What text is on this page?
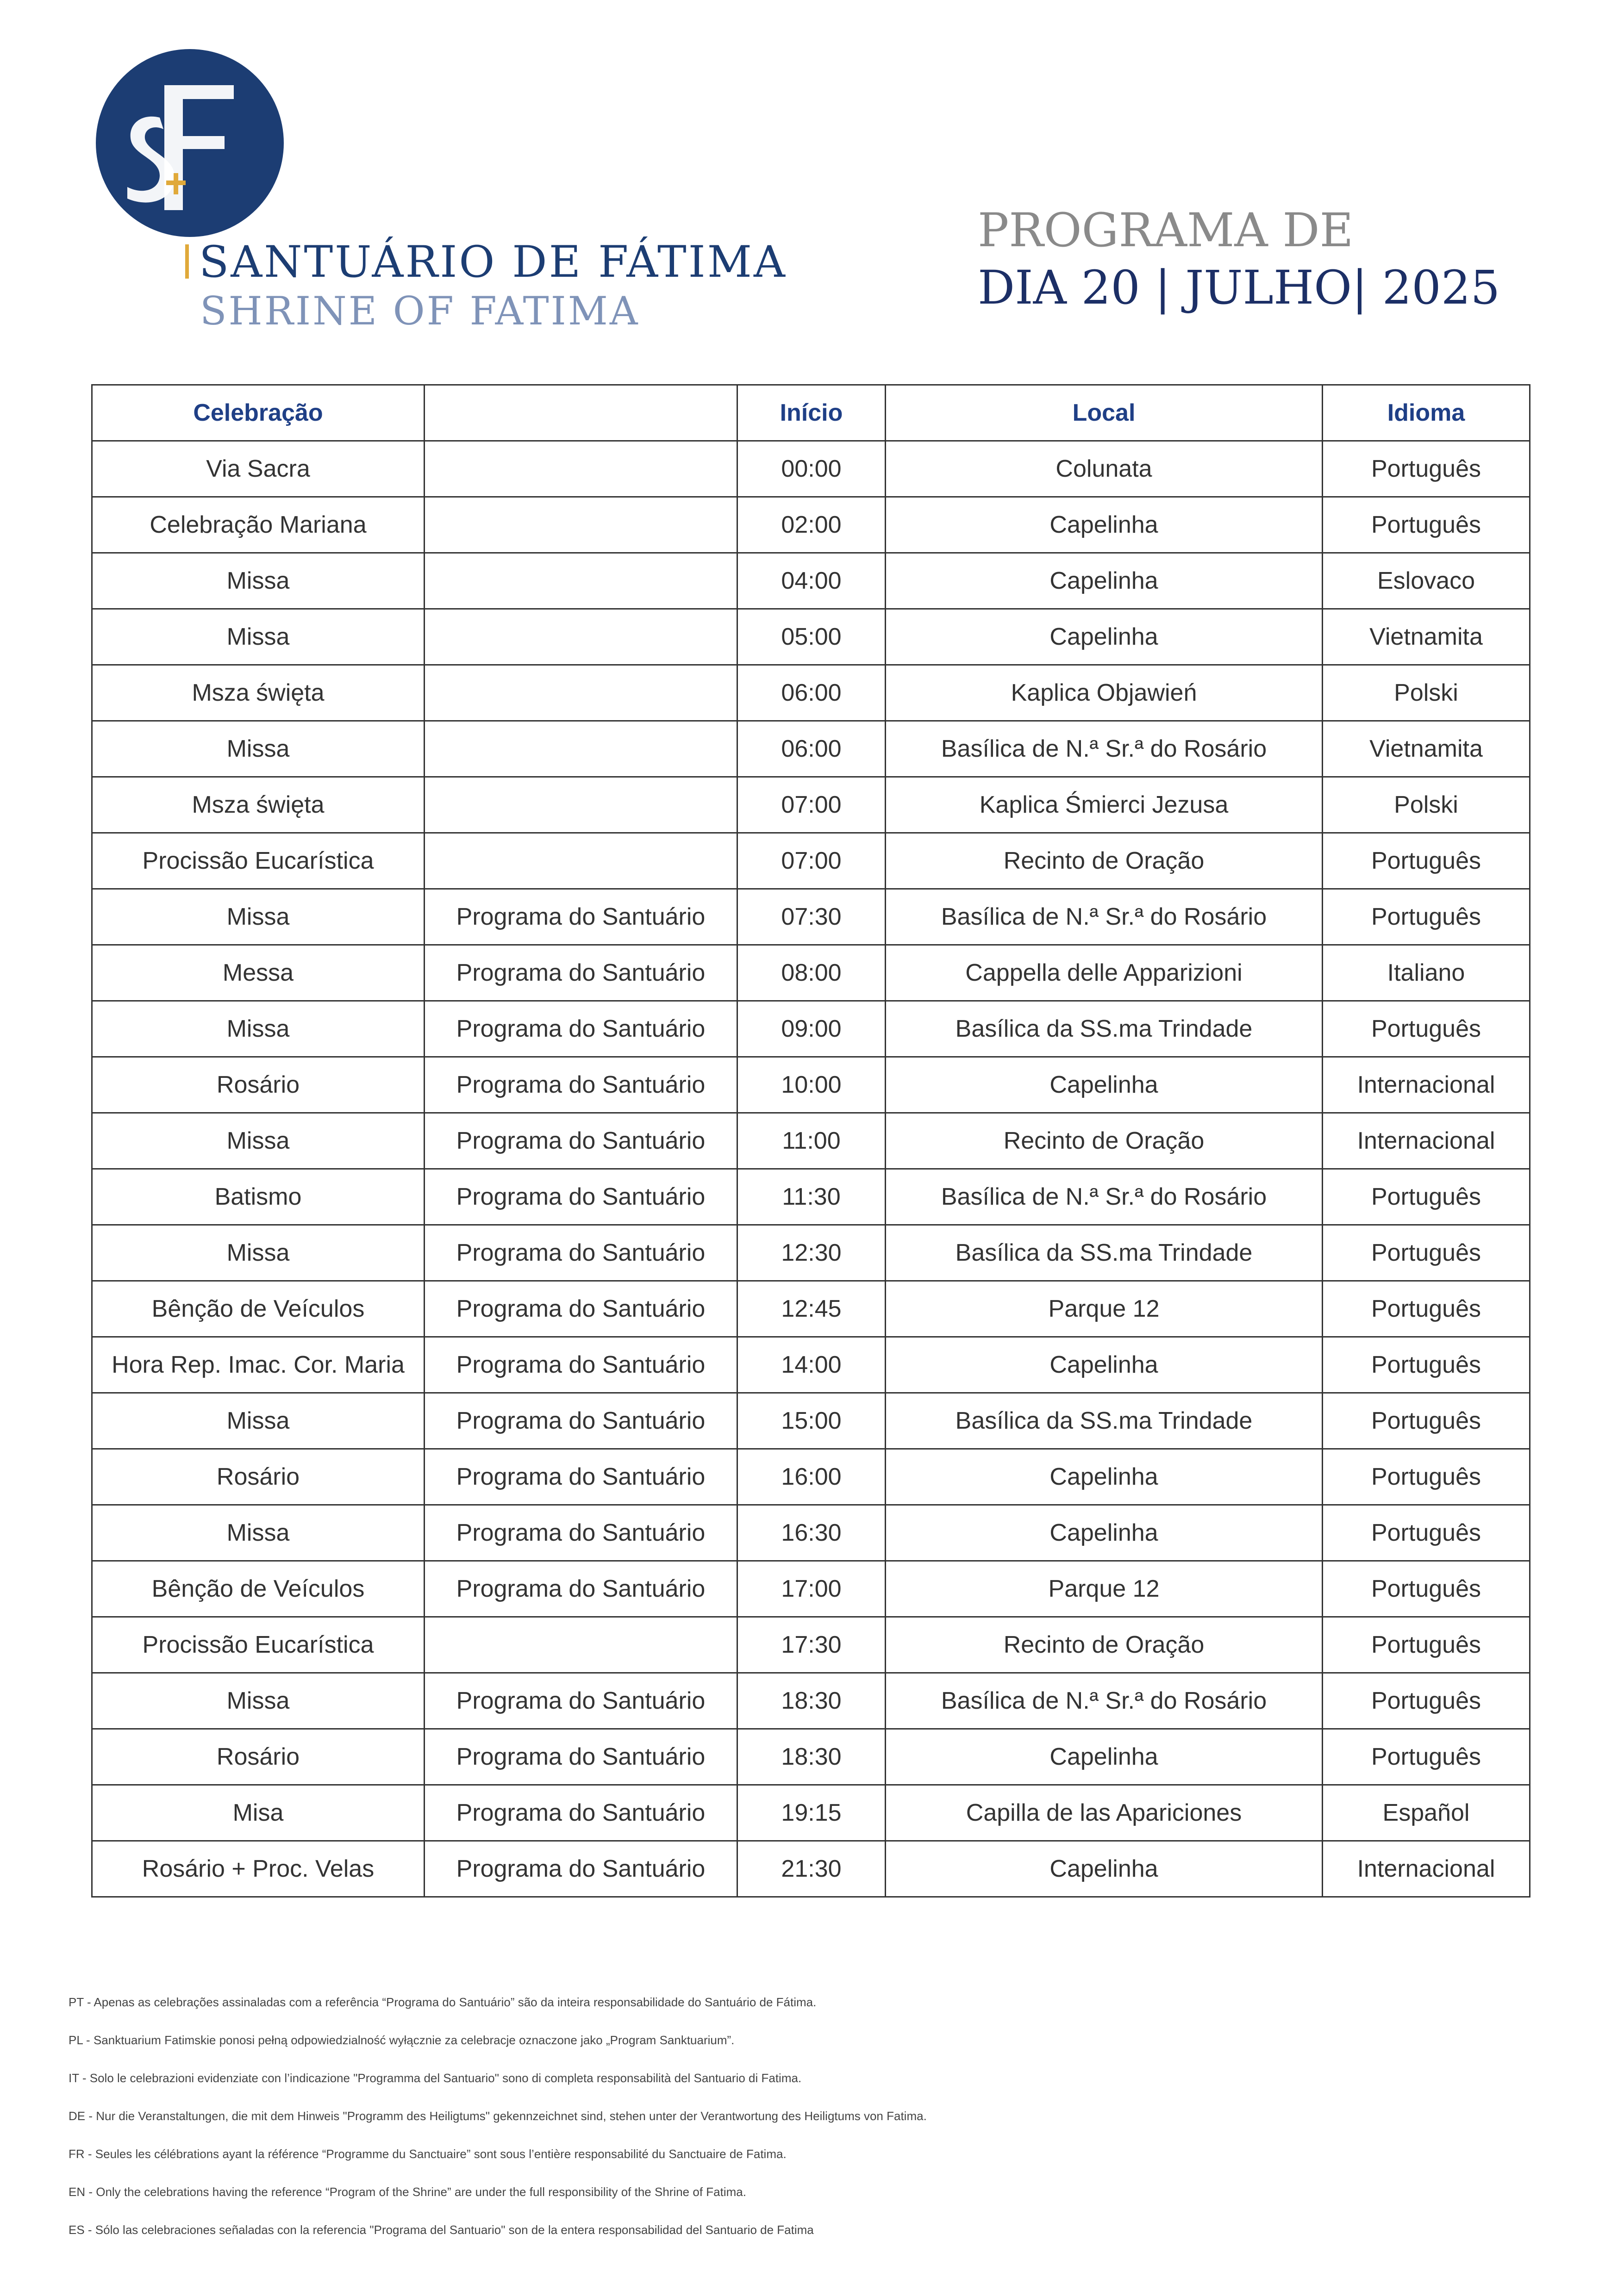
SANTUÁRIO DE FÁTIMA
SHRINE OF FATIMA
PROGRAMA DE
DIA 20 | JULHO| 2025
Celebração		Início	Local	Idioma
Via Sacra		00:00	Colunata	Português
Celebração Mariana		02:00	Capelinha	Português
Missa		04:00	Capelinha	Eslovaco
Missa		05:00	Capelinha	Vietnamita
Msza święta		06:00	Kaplica Objawień	Polski
Missa		06:00	Basílica de N.ª Sr.ª do Rosário	Vietnamita
Msza święta		07:00	Kaplica Śmierci Jezusa	Polski
Procissão Eucarística		07:00	Recinto de Oração	Português
Missa	Programa do Santuário	07:30	Basílica de N.ª Sr.ª do Rosário	Português
Messa	Programa do Santuário	08:00	Cappella delle Apparizioni	Italiano
Missa	Programa do Santuário	09:00	Basílica da SS.ma Trindade	Português
Rosário	Programa do Santuário	10:00	Capelinha	Internacional
Missa	Programa do Santuário	11:00	Recinto de Oração	Internacional
Batismo	Programa do Santuário	11:30	Basílica de N.ª Sr.ª do Rosário	Português
Missa	Programa do Santuário	12:30	Basílica da SS.ma Trindade	Português
Bênção de Veículos	Programa do Santuário	12:45	Parque 12	Português
Hora Rep. Imac. Cor. Maria	Programa do Santuário	14:00	Capelinha	Português
Missa	Programa do Santuário	15:00	Basílica da SS.ma Trindade	Português
Rosário	Programa do Santuário	16:00	Capelinha	Português
Missa	Programa do Santuário	16:30	Capelinha	Português
Bênção de Veículos	Programa do Santuário	17:00	Parque 12	Português
Procissão Eucarística		17:30	Recinto de Oração	Português
Missa	Programa do Santuário	18:30	Basílica de N.ª Sr.ª do Rosário	Português
Rosário	Programa do Santuário	18:30	Capelinha	Português
Misa	Programa do Santuário	19:15	Capilla de las Apariciones	Español
Rosário + Proc. Velas	Programa do Santuário	21:30	Capelinha	Internacional
PT - Apenas as celebrações assinaladas com a referência “Programa do Santuário” são da inteira responsabilidade do Santuário de Fátima.
PL - Sanktuarium Fatimskie ponosi pełną odpowiedzialność wyłącznie za celebracje oznaczone jako „Program Sanktuarium”.
IT - Solo le celebrazioni evidenziate con l’indicazione "Programma del Santuario" sono di completa responsabilità del Santuario di Fatima.
DE - Nur die Veranstaltungen, die mit dem Hinweis "Programm des Heiligtums" gekennzeichnet sind, stehen unter der Verantwortung des Heiligtums von Fatima.
FR - Seules les célébrations ayant la référence “Programme du Sanctuaire” sont sous l’entière responsabilité du Sanctuaire de Fatima.
EN - Only the celebrations having the reference “Program of the Shrine” are under the full responsibility of the Shrine of Fatima.
ES - Sólo las celebraciones señaladas con la referencia "Programa del Santuario" son de la entera responsabilidad del Santuario de Fatima
